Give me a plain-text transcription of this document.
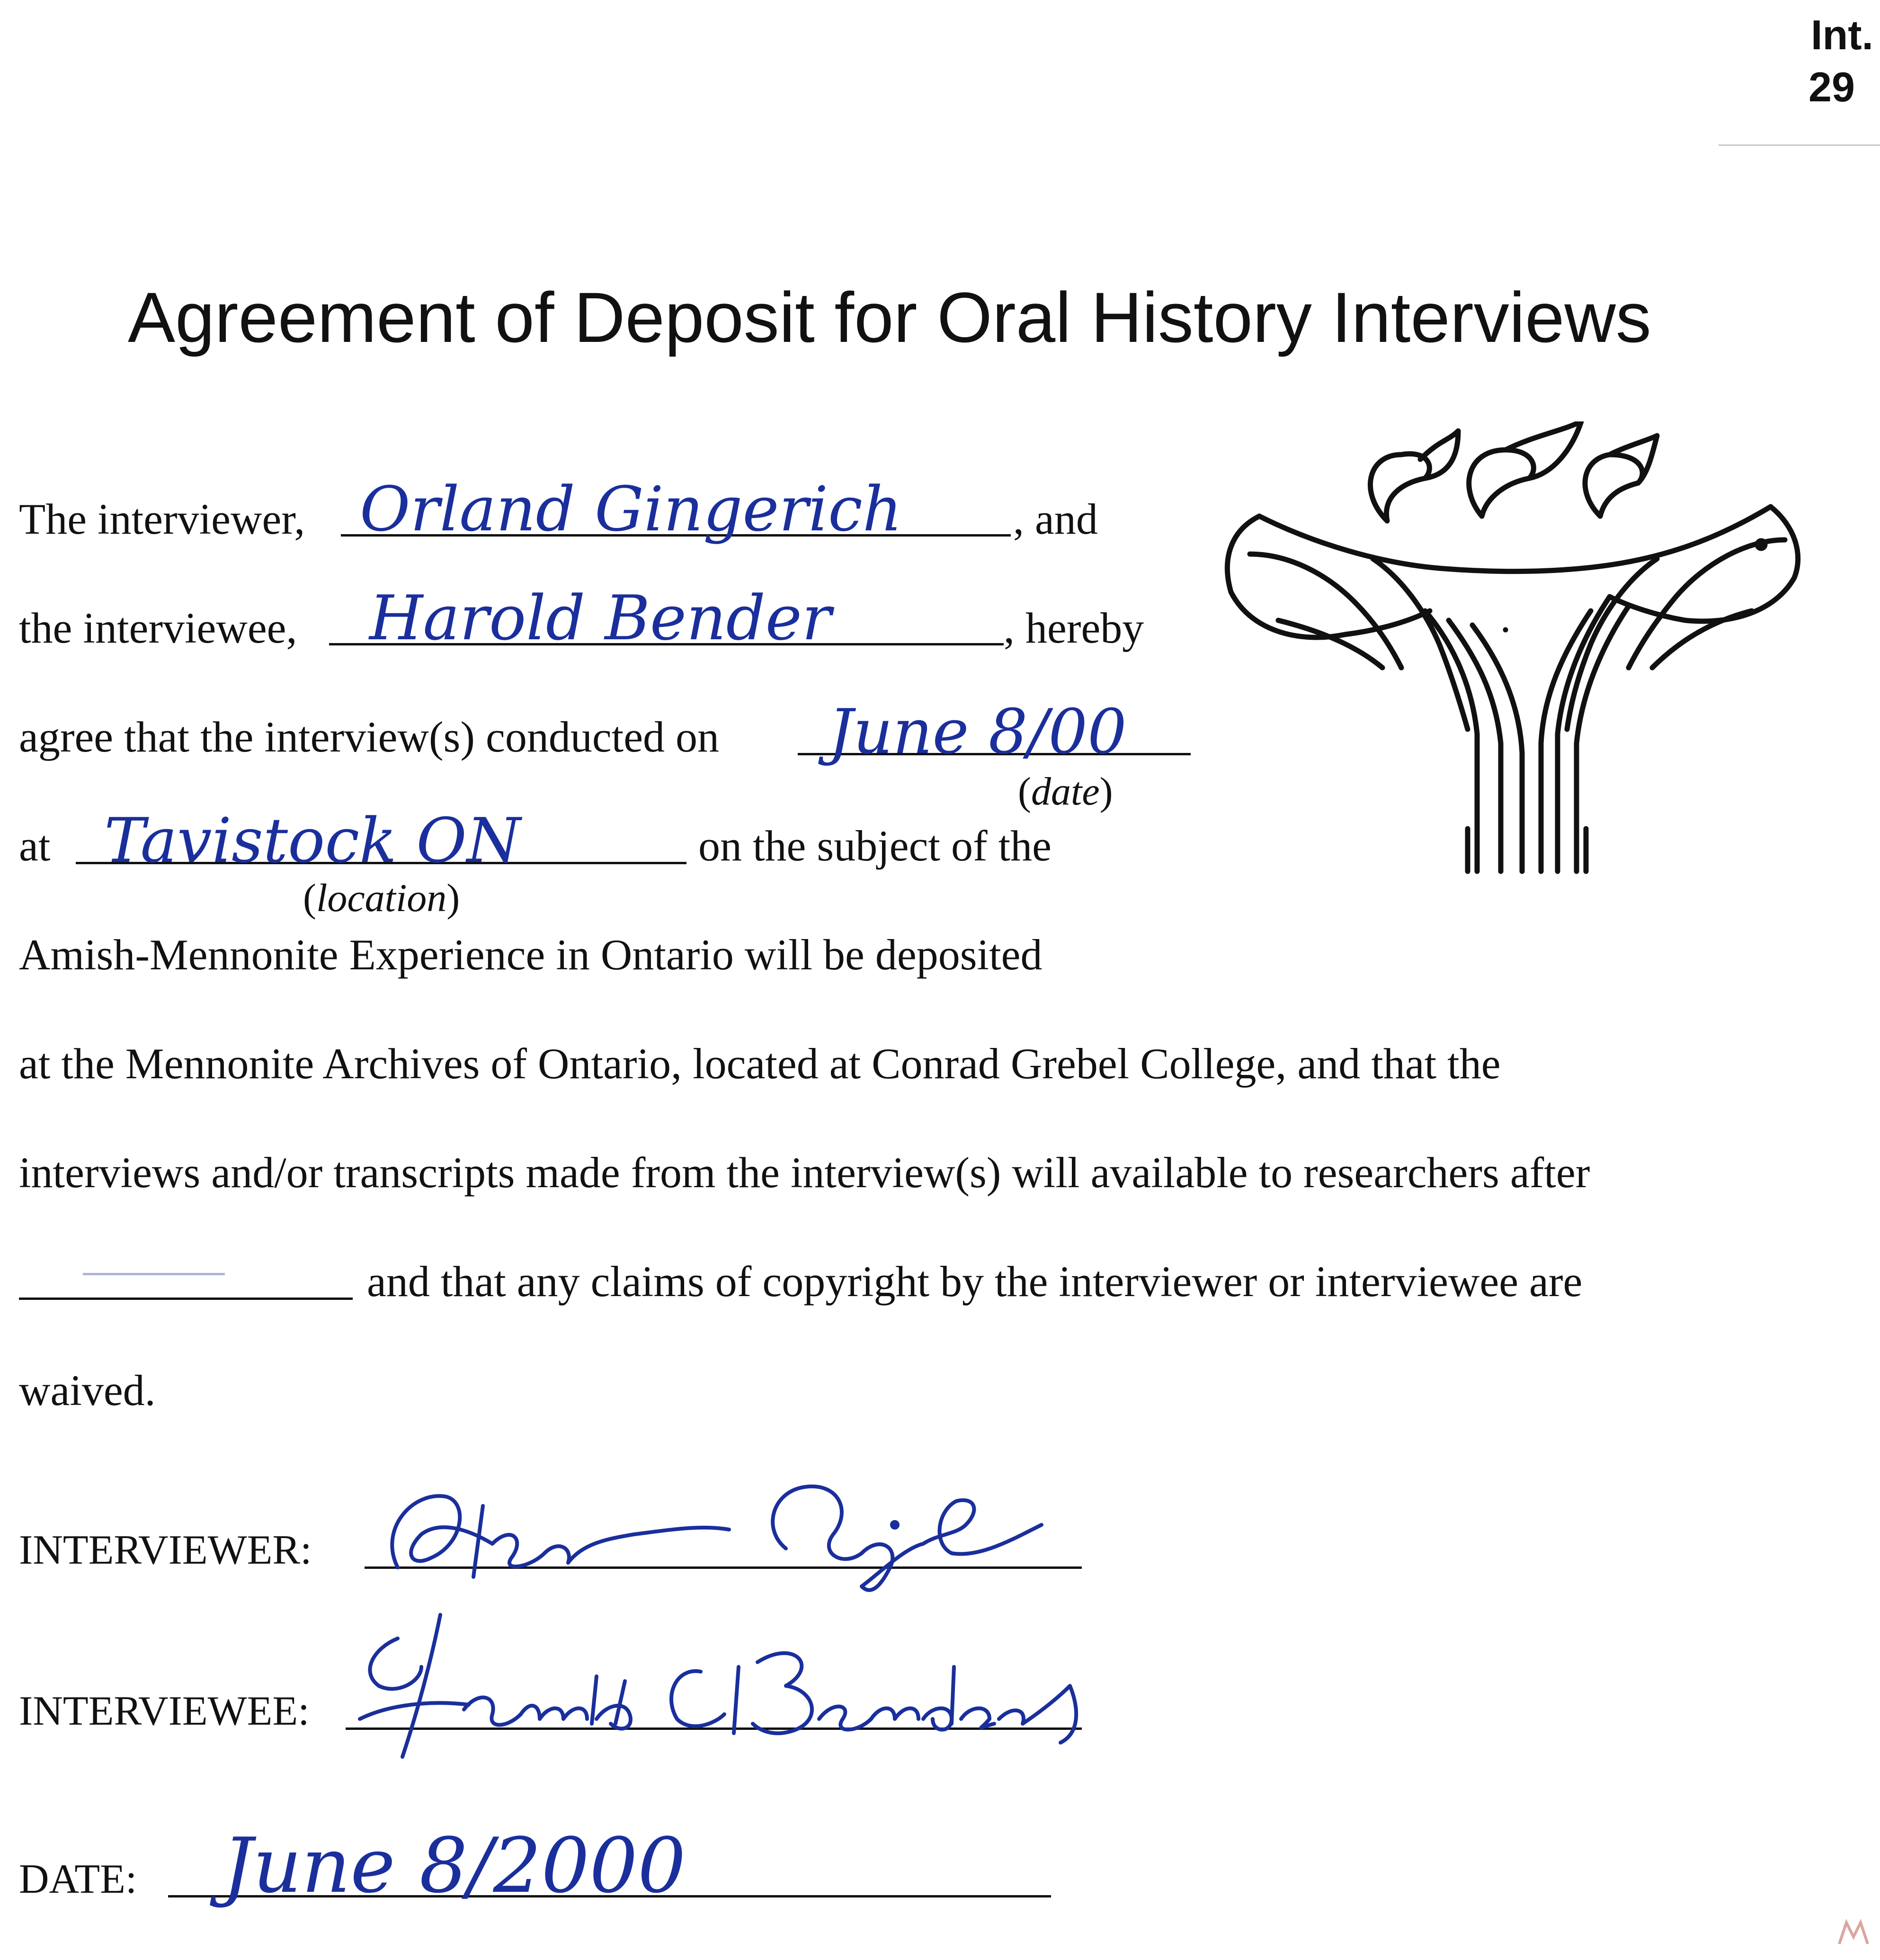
Int.
29
Agreement of Deposit for Oral History Interviews
The interviewer, Orland Gingerich	, and
the interviewee, Harold Bender	, hereby
agree that the interview(s) conducted on June 8/00
(date)
at Tavistock ON	on the subject of the
(location)
Amish-Mennonite Experience in Ontario will be deposited
at the Mennonite Archives of Ontario, located at Conrad Grebel College, and that the
interviews and/or transcripts made from the interview(s) will available to researchers after
and that any claims of copyright by the interviewer or interviewee are
waived.
INTERVIEWER:
INTERVIEWEE:
DATE: June 8/2000
